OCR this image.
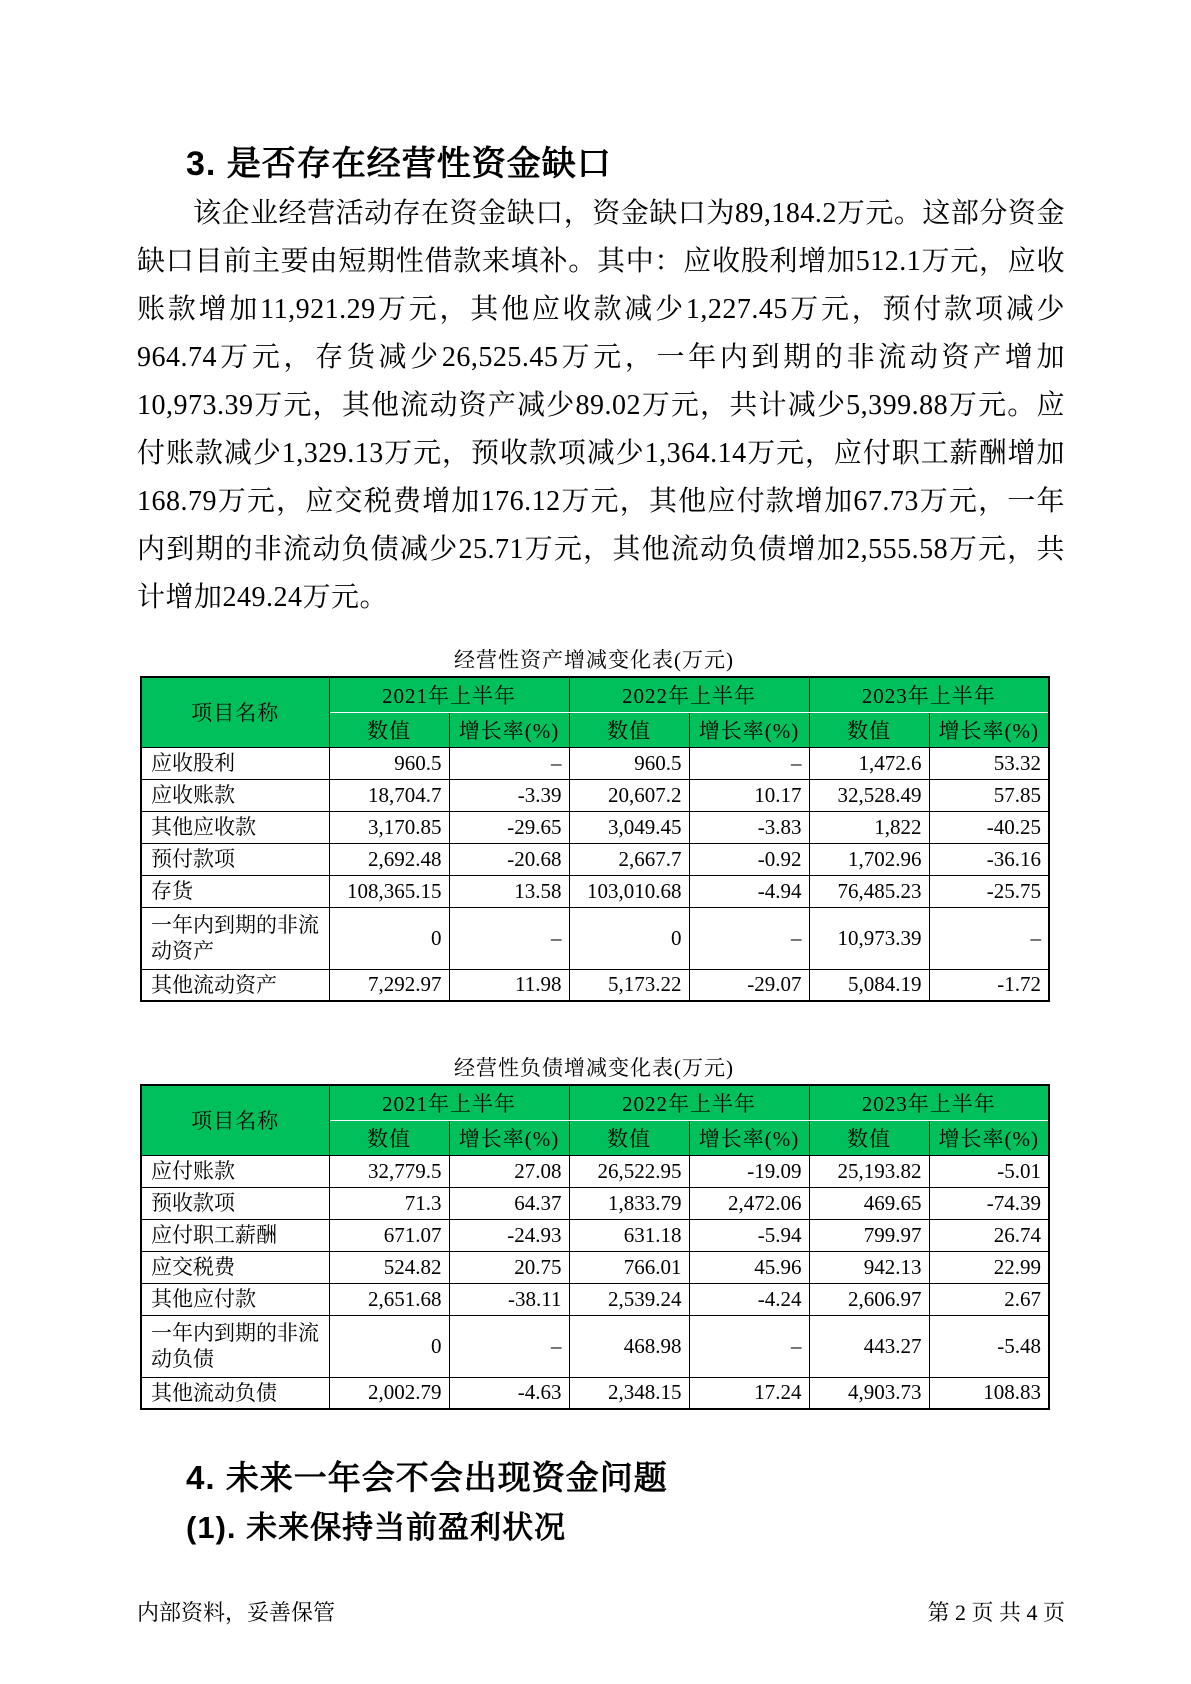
3. 是否存在经营性资金缺口

该企业经营活动存在资金缺口，资金缺口为89,184.2万元。这部分资金缺口目前主要由短期性借款来填补。其中：应收股利增加512.1万元，应收账款增加11,921.29万元，其他应收款减少1,227.45万元，预付款项减少964.74万元，存货减少26,525.45万元，一年内到期的非流动资产增加10,973.39万元，其他流动资产减少89.02万元，共计减少5,399.88万元。应付账款减少1,329.13万元，预收款项减少1,364.14万元，应付职工薪酬增加168.79万元，应交税费增加176.12万元，其他应付款增加67.73万元，一年内到期的非流动负债减少25.71万元，其他流动负债增加2,555.58万元，共计增加249.24万元。

经营性资产增减变化表(万元)
项目名称	2021年上半年		2022年上半年		2023年上半年	
	数值	增长率(%)	数值	增长率(%)	数值	增长率(%)
应收股利	960.5	–	960.5	–	1,472.6	53.32
应收账款	18,704.7	-3.39	20,607.2	10.17	32,528.49	57.85
其他应收款	3,170.85	-29.65	3,049.45	-3.83	1,822	-40.25
预付款项	2,692.48	-20.68	2,667.7	-0.92	1,702.96	-36.16
存货	108,365.15	13.58	103,010.68	-4.94	76,485.23	-25.75
一年内到期的非流动资产	0	–	0	–	10,973.39	–
其他流动资产	7,292.97	11.98	5,173.22	-29.07	5,084.19	-1.72
经营性负债增减变化表(万元)
项目名称	2021年上半年		2022年上半年		2023年上半年	
	数值	增长率(%)	数值	增长率(%)	数值	增长率(%)
应付账款	32,779.5	27.08	26,522.95	-19.09	25,193.82	-5.01
预收款项	71.3	64.37	1,833.79	2,472.06	469.65	-74.39
应付职工薪酬	671.07	-24.93	631.18	-5.94	799.97	26.74
应交税费	524.82	20.75	766.01	45.96	942.13	22.99
其他应付款	2,651.68	-38.11	2,539.24	-4.24	2,606.97	2.67
一年内到期的非流动负债	0	–	468.98	–	443.27	-5.48
其他流动负债	2,002.79	-4.63	2,348.15	17.24	4,903.73	108.83
4. 未来一年会不会出现资金问题
(1). 未来保持当前盈利状况
内部资料，妥善保管	第 2 页 共 4 页
